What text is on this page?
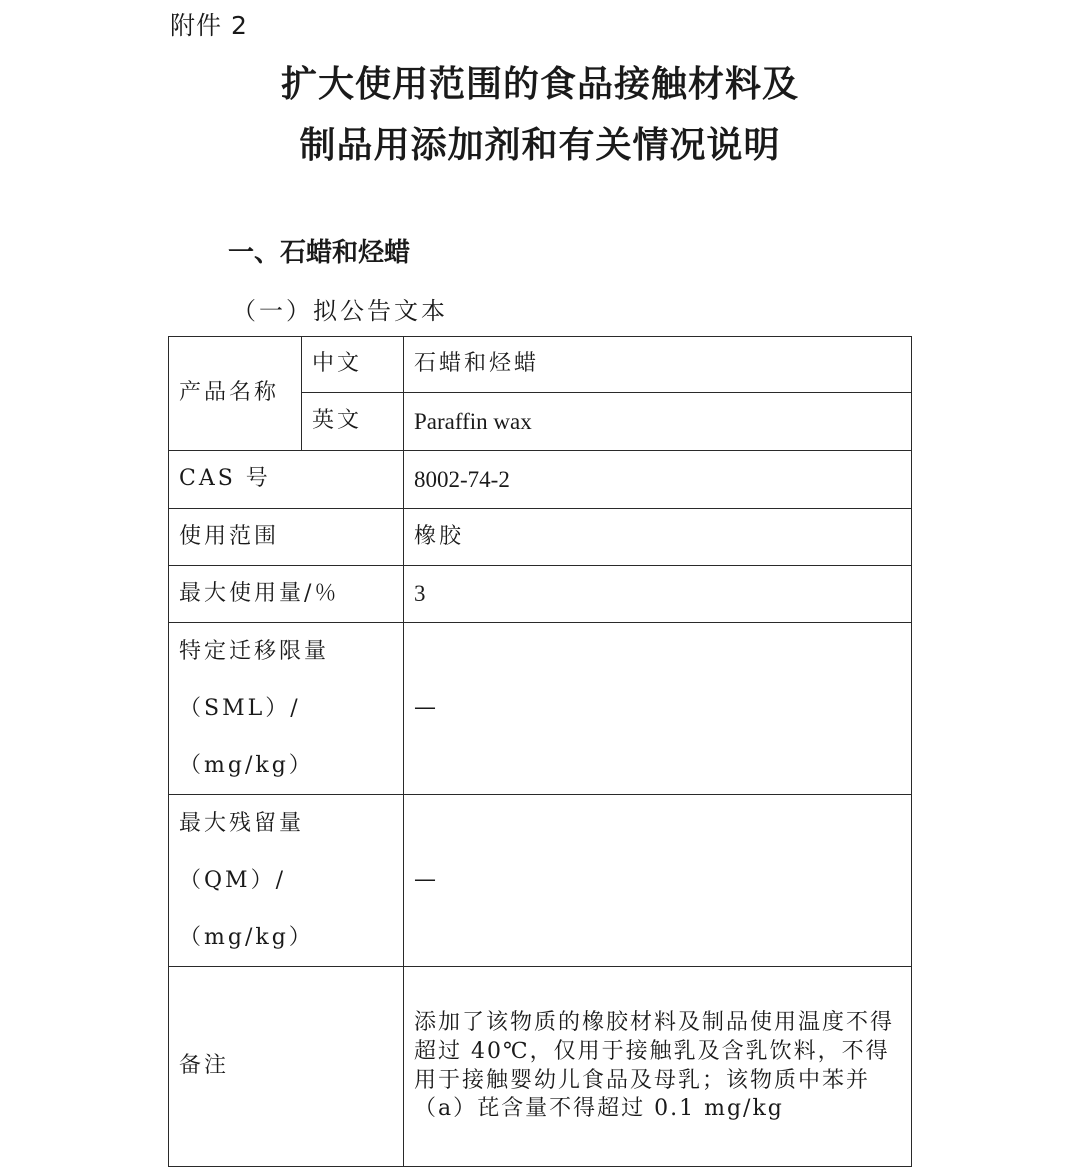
附件 2
扩大使用范围的食品接触材料及
制品用添加剂和有关情况说明
一、石蜡和烃蜡
（一）拟公告文本
产品名称	中文	石蜡和烃蜡
	英文	Paraffin wax
CAS 号		8002-74-2
使用范围		橡胶
最大使用量/％		3

特定迁移限量
（SML）/（mg/kg）		—

最大残留量
（QM）/（mg/kg）		—
备注		添加了该物质的橡胶材料及制品使用温度不得超过 40℃，仅用于接触乳及含乳饮料，不得用于接触婴幼儿食品及母乳；该物质中苯并（a）芘含量不得超过 0.1 mg/kg
